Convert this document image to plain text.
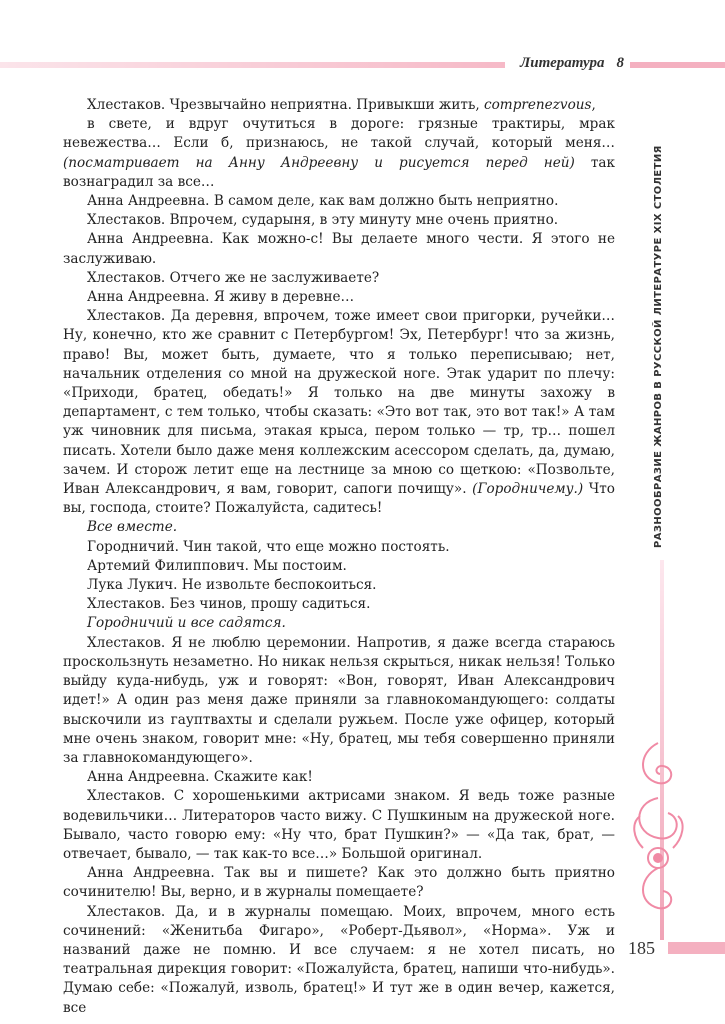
Литература 8
РАЗНООБРАЗИЕ ЖАНРОВ В РУССКОЙ ЛИТЕРАТУРЕ XIX СТОЛЕТИЯ

Хлестаков. Чрезвычайно неприятна. Привыкши жить, comprenezvous,

в свете, и вдруг очутиться в дороге: грязные трактиры, мрак невежества… Если б, признаюсь, не такой случай, который меня… (посматривает на Анну Андреевну и рисуется перед ней) так вознаградил за все…

Анна Андреевна. В самом деле, как вам должно быть неприятно.

Хлестаков. Впрочем, сударыня, в эту минуту мне очень приятно.

Анна Андреевна. Как можно-с! Вы делаете много чести. Я этого не заслуживаю.

Хлестаков. Отчего же не заслуживаете?

Анна Андреевна. Я живу в деревне…

Хлестаков. Да деревня, впрочем, тоже имеет свои пригорки, ручейки… Ну, конечно, кто же сравнит с Петербургом! Эх, Петербург! что за жизнь, право! Вы, может быть, думаете, что я только переписываю; нет, начальник отделения со мной на дружеской ноге. Этак ударит по плечу: «Приходи, братец, обедать!» Я только на две минуты захожу в департамент, с тем только, чтобы сказать: «Это вот так, это вот так!» А там уж чиновник для письма, этакая крыса, пером только — тр, тр… пошел писать. Хотели было даже меня коллежским асессором сделать, да, думаю, зачем. И сторож летит еще на лестнице за мною со щеткою: «Позвольте, Иван Александрович, я вам, говорит, сапоги почищу». (Городничему.) Что вы, господа, стоите? Пожалуйста, садитесь!

Все вместе.

Городничий. Чин такой, что еще можно постоять.

Артемий Филиппович. Мы постоим.

Лука Лукич. Не извольте беспокоиться.

Хлестаков. Без чинов, прошу садиться.

Городничий и все садятся.

Хлестаков. Я не люблю церемонии. Напротив, я даже всегда стараюсь проскользнуть незаметно. Но никак нельзя скрыться, никак нельзя! Только выйду куда-нибудь, уж и говорят: «Вон, говорят, Иван Александрович идет!» А один раз меня даже приняли за главнокомандующего: солдаты выскочили из гауптвахты и сделали ружьем. После уже офицер, который мне очень знаком, говорит мне: «Ну, братец, мы тебя совершенно приняли за главнокомандующего».

Анна Андреевна. Скажите как!

Хлестаков. С хорошенькими актрисами знаком. Я ведь тоже разные водевильчики… Литераторов часто вижу. С Пушкиным на дружеской ноге. Бывало, часто говорю ему: «Ну что, брат Пушкин?» — «Да так, брат, — отвечает, бывало, — так как-то все…» Большой оригинал.

Анна Андреевна. Так вы и пишете? Как это должно быть приятно сочинителю! Вы, верно, и в журналы помещаете?

Хлестаков. Да, и в журналы помещаю. Моих, впрочем, много есть сочинений: «Женитьба Фигаро», «Роберт-Дьявол», «Норма». Уж и названий даже не помню. И все случаем: я не хотел писать, но театральная дирекция говорит: «Пожалуйста, братец, напиши что-нибудь». Думаю себе: «Пожалуй, изволь, братец!» И тут же в один вечер, кажется, все

185
